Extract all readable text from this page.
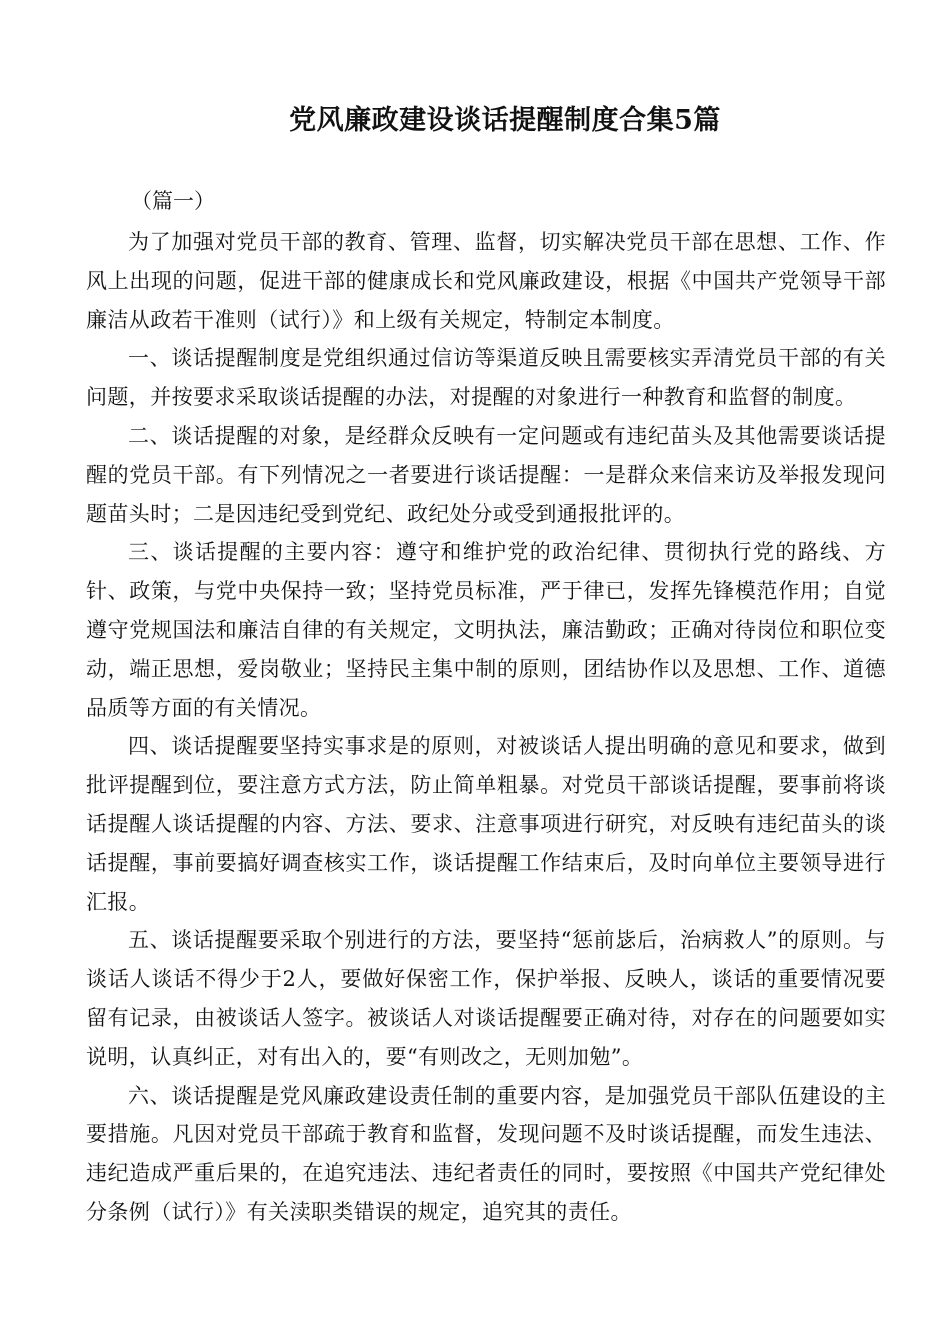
党风廉政建设谈话提醒制度合集5篇
（篇一）

为了加强对党员干部的教育、管理、监督，切实解决党员干部在思想、工作、作风上出现的问题，促进干部的健康成长和党风廉政建设，根据《中国共产党领导干部廉洁从政若干准则（试行）》和上级有关规定，特制定本制度。

一、谈话提醒制度是党组织通过信访等渠道反映且需要核实弄清党员干部的有关问题，并按要求采取谈话提醒的办法，对提醒的对象进行一种教育和监督的制度。

二、谈话提醒的对象，是经群众反映有一定问题或有违纪苗头及其他需要谈话提醒的党员干部。有下列情况之一者要进行谈话提醒：一是群众来信来访及举报发现问题苗头时；二是因违纪受到党纪、政纪处分或受到通报批评的。

三、谈话提醒的主要内容：遵守和维护党的政治纪律、贯彻执行党的路线、方针、政策，与党中央保持一致；坚持党员标准，严于律已，发挥先锋模范作用；自觉遵守党规国法和廉洁自律的有关规定，文明执法，廉洁勤政；正确对待岗位和职位变动，端正思想，爱岗敬业；坚持民主集中制的原则，团结协作以及思想、工作、道德品质等方面的有关情况。

四、谈话提醒要坚持实事求是的原则，对被谈话人提出明确的意见和要求，做到批评提醒到位，要注意方式方法，防止简单粗暴。对党员干部谈话提醒，要事前将谈话提醒人谈话提醒的内容、方法、要求、注意事项进行研究，对反映有违纪苗头的谈话提醒，事前要搞好调查核实工作，谈话提醒工作结束后，及时向单位主要领导进行汇报。

五、谈话提醒要采取个别进行的方法，要坚持“惩前毖后，治病救人”的原则。与谈话人谈话不得少于2人，要做好保密工作，保护举报、反映人，谈话的重要情况要留有记录，由被谈话人签字。被谈话人对谈话提醒要正确对待，对存在的问题要如实说明，认真纠正，对有出入的，要“有则改之，无则加勉”。

六、谈话提醒是党风廉政建设责任制的重要内容，是加强党员干部队伍建设的主要措施。凡因对党员干部疏于教育和监督，发现问题不及时谈话提醒，而发生违法、违纪造成严重后果的，在追究违法、违纪者责任的同时，要按照《中国共产党纪律处分条例（试行）》有关渎职类错误的规定，追究其的责任。
